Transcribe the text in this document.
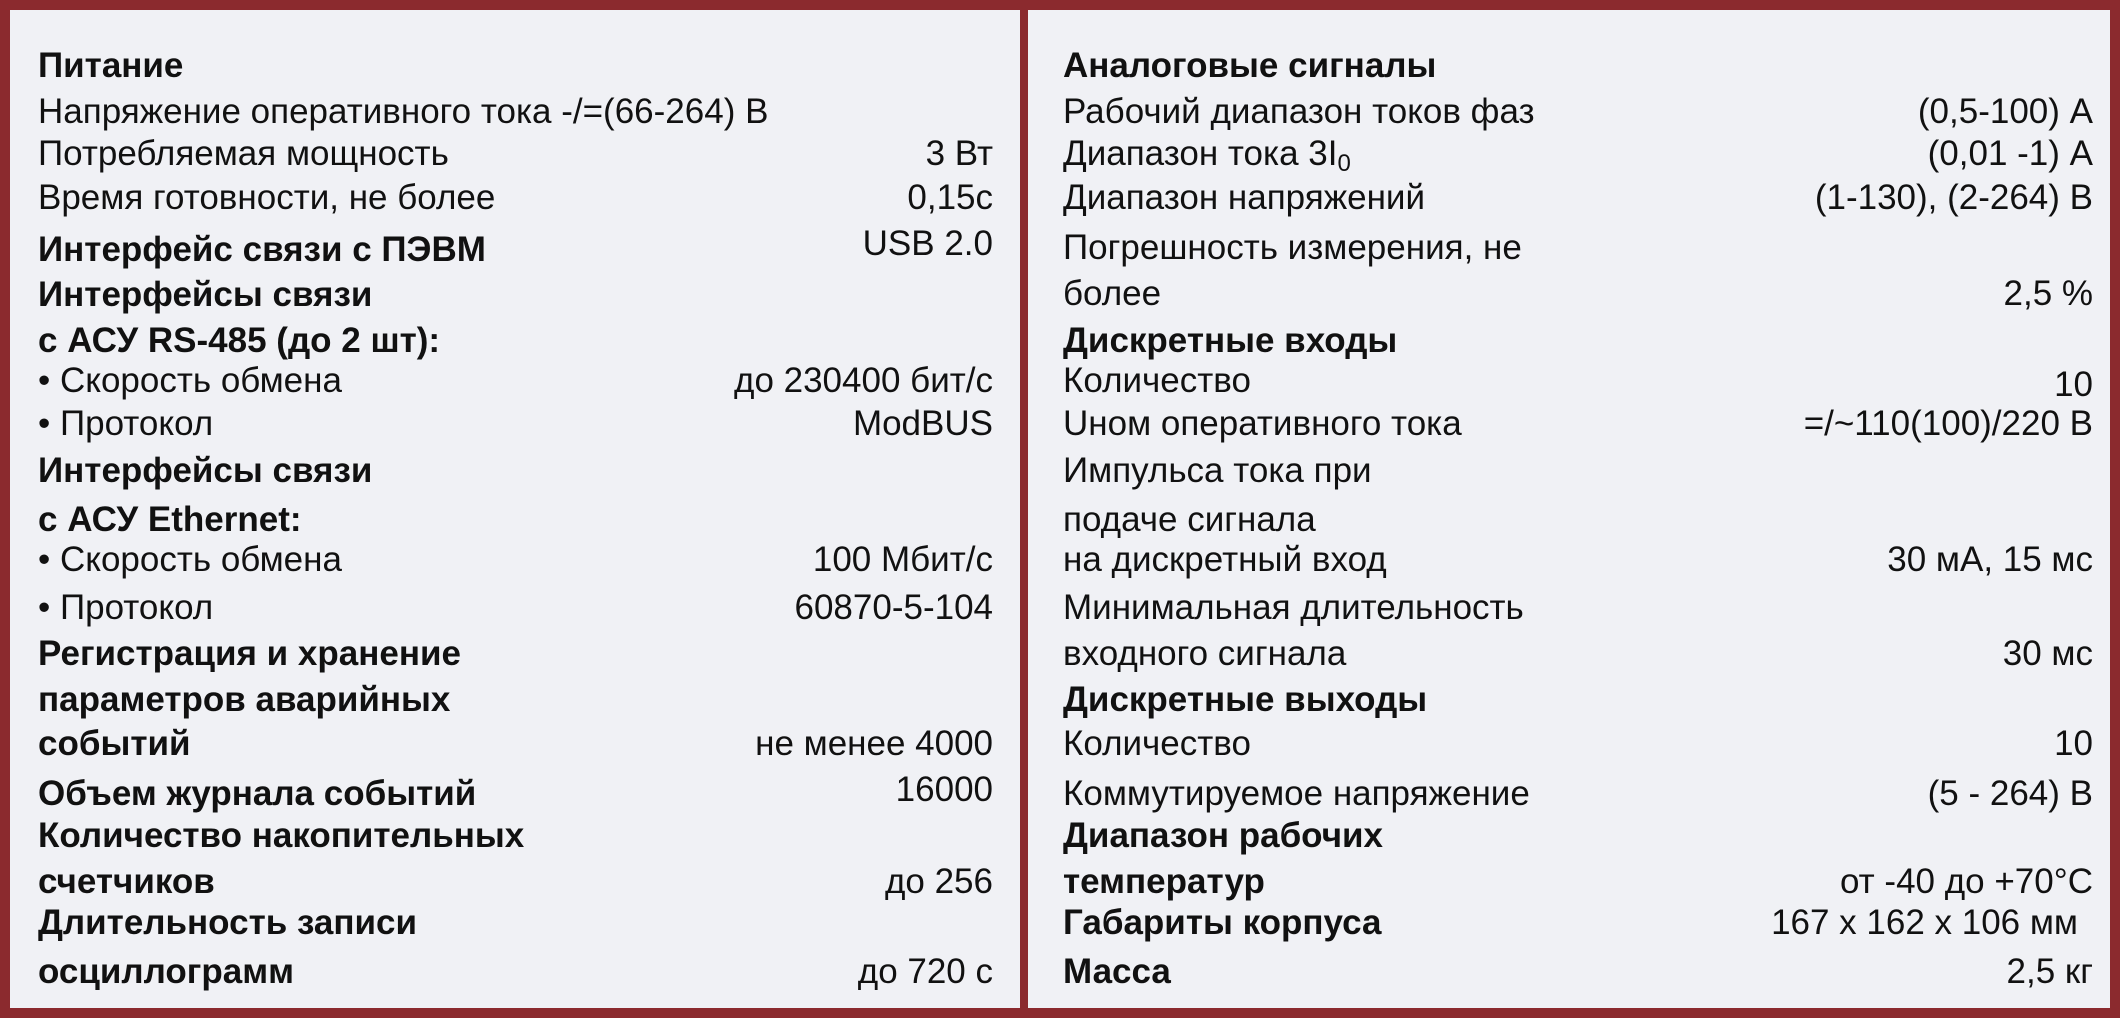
Питание
Напряжение оперативного тока -/=(66-264) В
Потребляемая мощность	3 Вт
Время готовности, не более	0,15с
Интерфейс связи с ПЭВМ	USB 2.0
Интерфейсы связи
с АСУ RS-485 (до 2 шт):
• Скорость обмена	до 230400 бит/с
• Протокол	ModBUS
Интерфейсы связи
с АСУ Ethernet:
• Скорость обмена	100 Мбит/с
• Протокол	60870-5-104
Регистрация и хранение
параметров аварийных
событий	не менее 4000
Объем журнала событий	16000
Количество накопительных
счетчиков	до 256
Длительность записи
осциллограмм	до 720 с
Аналоговые сигналы
Рабочий диапазон токов фаз	(0,5-100) А
Диапазон тока 3I0	(0,01 -1) А
Диапазон напряжений	(1-130), (2-264) В
Погрешность измерения, не
более	2,5 %
Дискретные входы
Количество	10
Uном оперативного тока	=/~110(100)/220 В
Импульса тока при
подаче сигнала
на дискретный вход	30 мА, 15 мс
Минимальная длительность
входного сигнала	30 мс
Дискретные выходы
Количество	10
Коммутируемое напряжение	(5 - 264) В
Диапазон рабочих
температур	от -40 до +70°С
Габариты корпуса	167 х 162 х 106 мм
Масса	2,5 кг
